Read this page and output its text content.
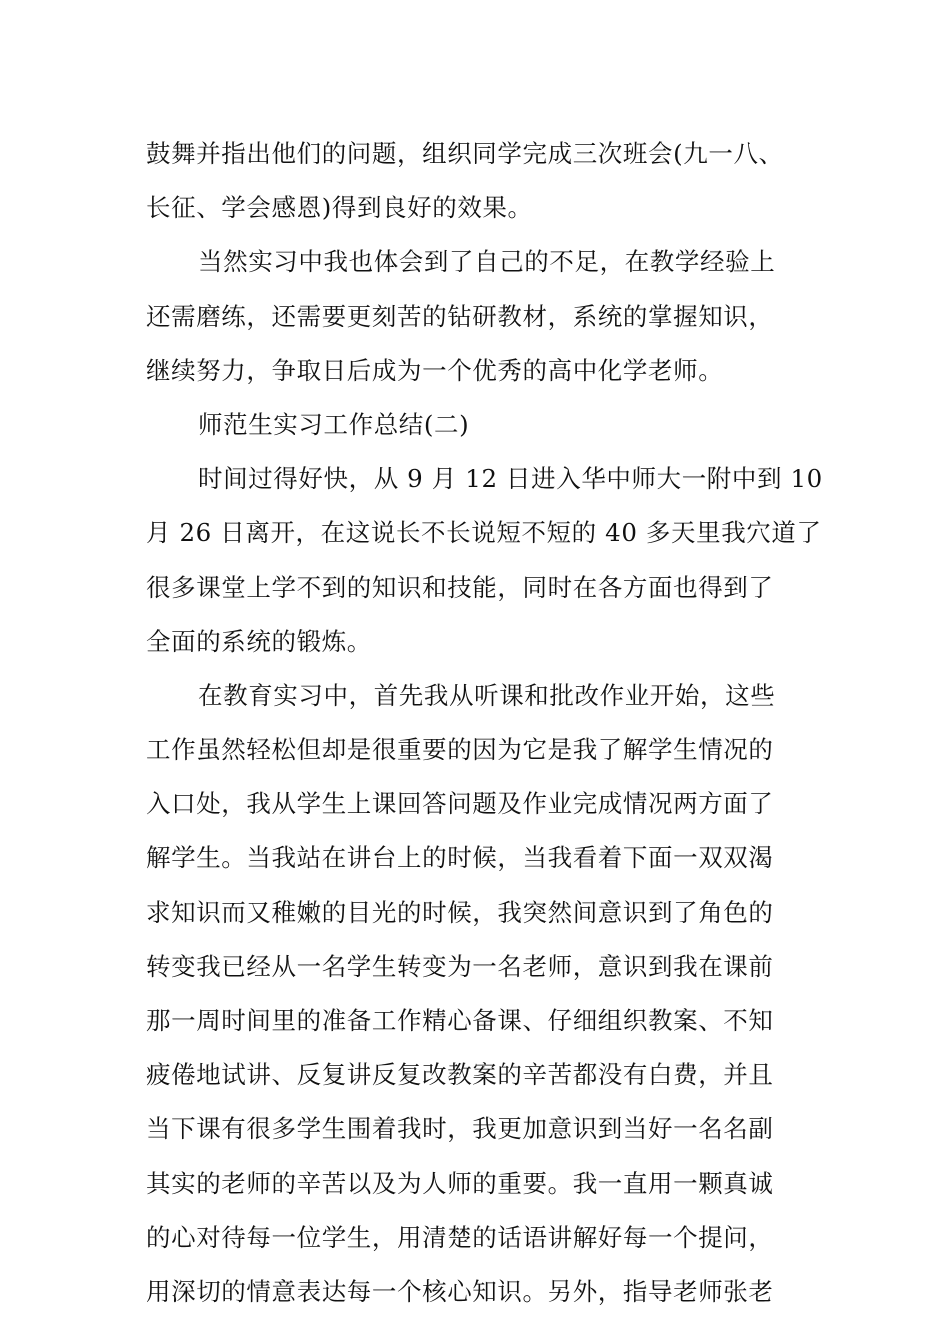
鼓舞并指出他们的问题，组织同学完成三次班会(九一八、
长征、学会感恩)得到良好的效果。
当然实习中我也体会到了自己的不足，在教学经验上
还需磨练，还需要更刻苦的钻研教材，系统的掌握知识，
继续努力，争取日后成为一个优秀的高中化学老师。
师范生实习工作总结(二)
时间过得好快，从 9 月 12 日进入华中师大一附中到 10
月 26 日离开，在这说长不长说短不短的 40 多天里我穴道了
很多课堂上学不到的知识和技能，同时在各方面也得到了
全面的系统的锻炼。
在教育实习中，首先我从听课和批改作业开始，这些
工作虽然轻松但却是很重要的因为它是我了解学生情况的
入口处，我从学生上课回答问题及作业完成情况两方面了
解学生。当我站在讲台上的时候，当我看着下面一双双渴
求知识而又稚嫩的目光的时候，我突然间意识到了角色的
转变我已经从一名学生转变为一名老师，意识到我在课前
那一周时间里的准备工作精心备课、仔细组织教案、不知
疲倦地试讲、反复讲反复改教案的辛苦都没有白费，并且
当下课有很多学生围着我时，我更加意识到当好一名名副
其实的老师的辛苦以及为人师的重要。我一直用一颗真诚
的心对待每一位学生，用清楚的话语讲解好每一个提问，
用深切的情意表达每一个核心知识。另外，指导老师张老
